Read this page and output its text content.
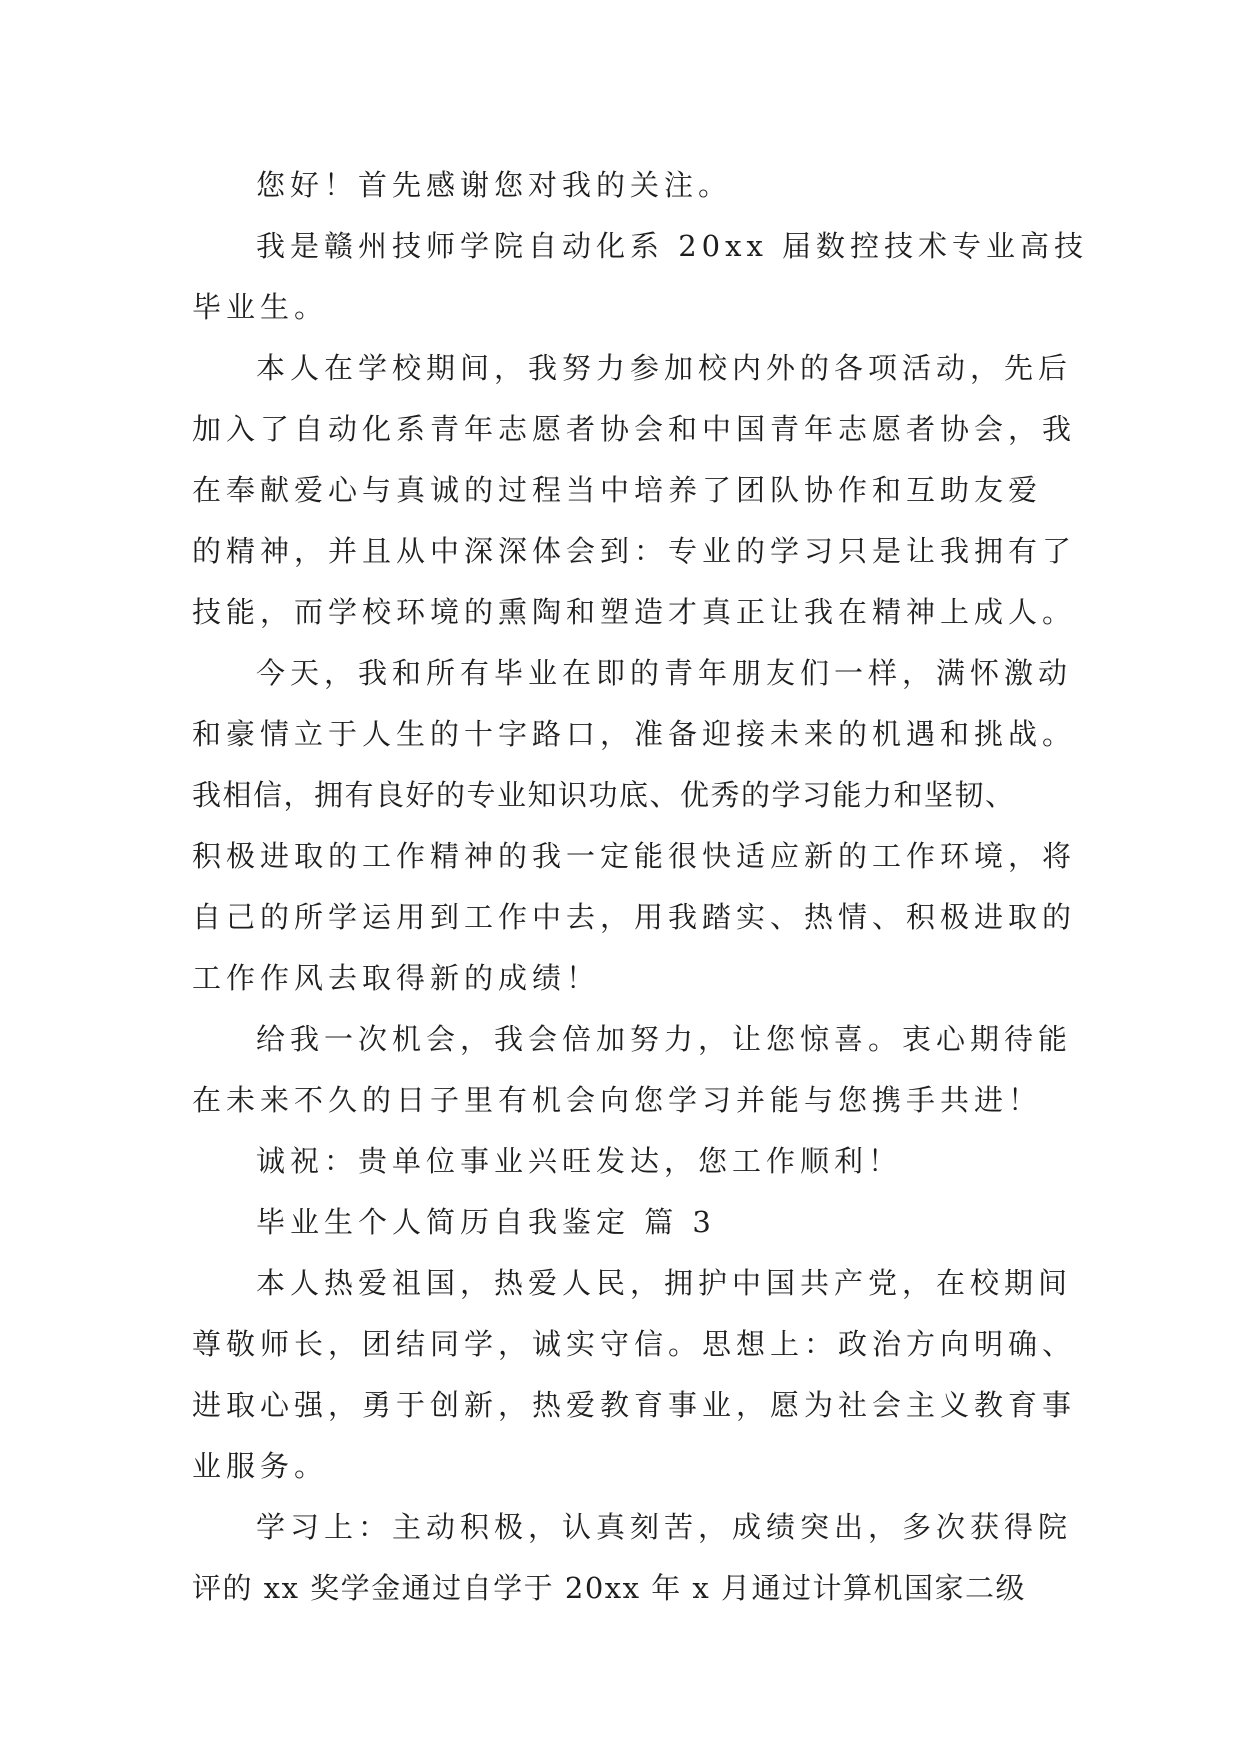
您好！首先感谢您对我的关注。
我是赣州技师学院自动化系 20xx 届数控技术专业高技
毕业生。
本人在学校期间，我努力参加校内外的各项活动，先后
加入了自动化系青年志愿者协会和中国青年志愿者协会，我
在奉献爱心与真诚的过程当中培养了团队协作和互助友爱
的精神，并且从中深深体会到：专业的学习只是让我拥有了
技能，而学校环境的熏陶和塑造才真正让我在精神上成人。
今天，我和所有毕业在即的青年朋友们一样，满怀激动
和豪情立于人生的十字路口，准备迎接未来的机遇和挑战。
我相信，拥有良好的专业知识功底、优秀的学习能力和坚韧、
积极进取的工作精神的我一定能很快适应新的工作环境，将
自己的所学运用到工作中去，用我踏实、热情、积极进取的
工作作风去取得新的成绩！
给我一次机会，我会倍加努力，让您惊喜。衷心期待能
在未来不久的日子里有机会向您学习并能与您携手共进！
诚祝：贵单位事业兴旺发达，您工作顺利！
毕业生个人简历自我鉴定 篇 3
本人热爱祖国，热爱人民，拥护中国共产党，在校期间
尊敬师长，团结同学，诚实守信。思想上：政治方向明确、
进取心强，勇于创新，热爱教育事业，愿为社会主义教育事
业服务。
学习上：主动积极，认真刻苦，成绩突出，多次获得院
评的 xx 奖学金通过自学于 20xx 年 x 月通过计算机国家二级
